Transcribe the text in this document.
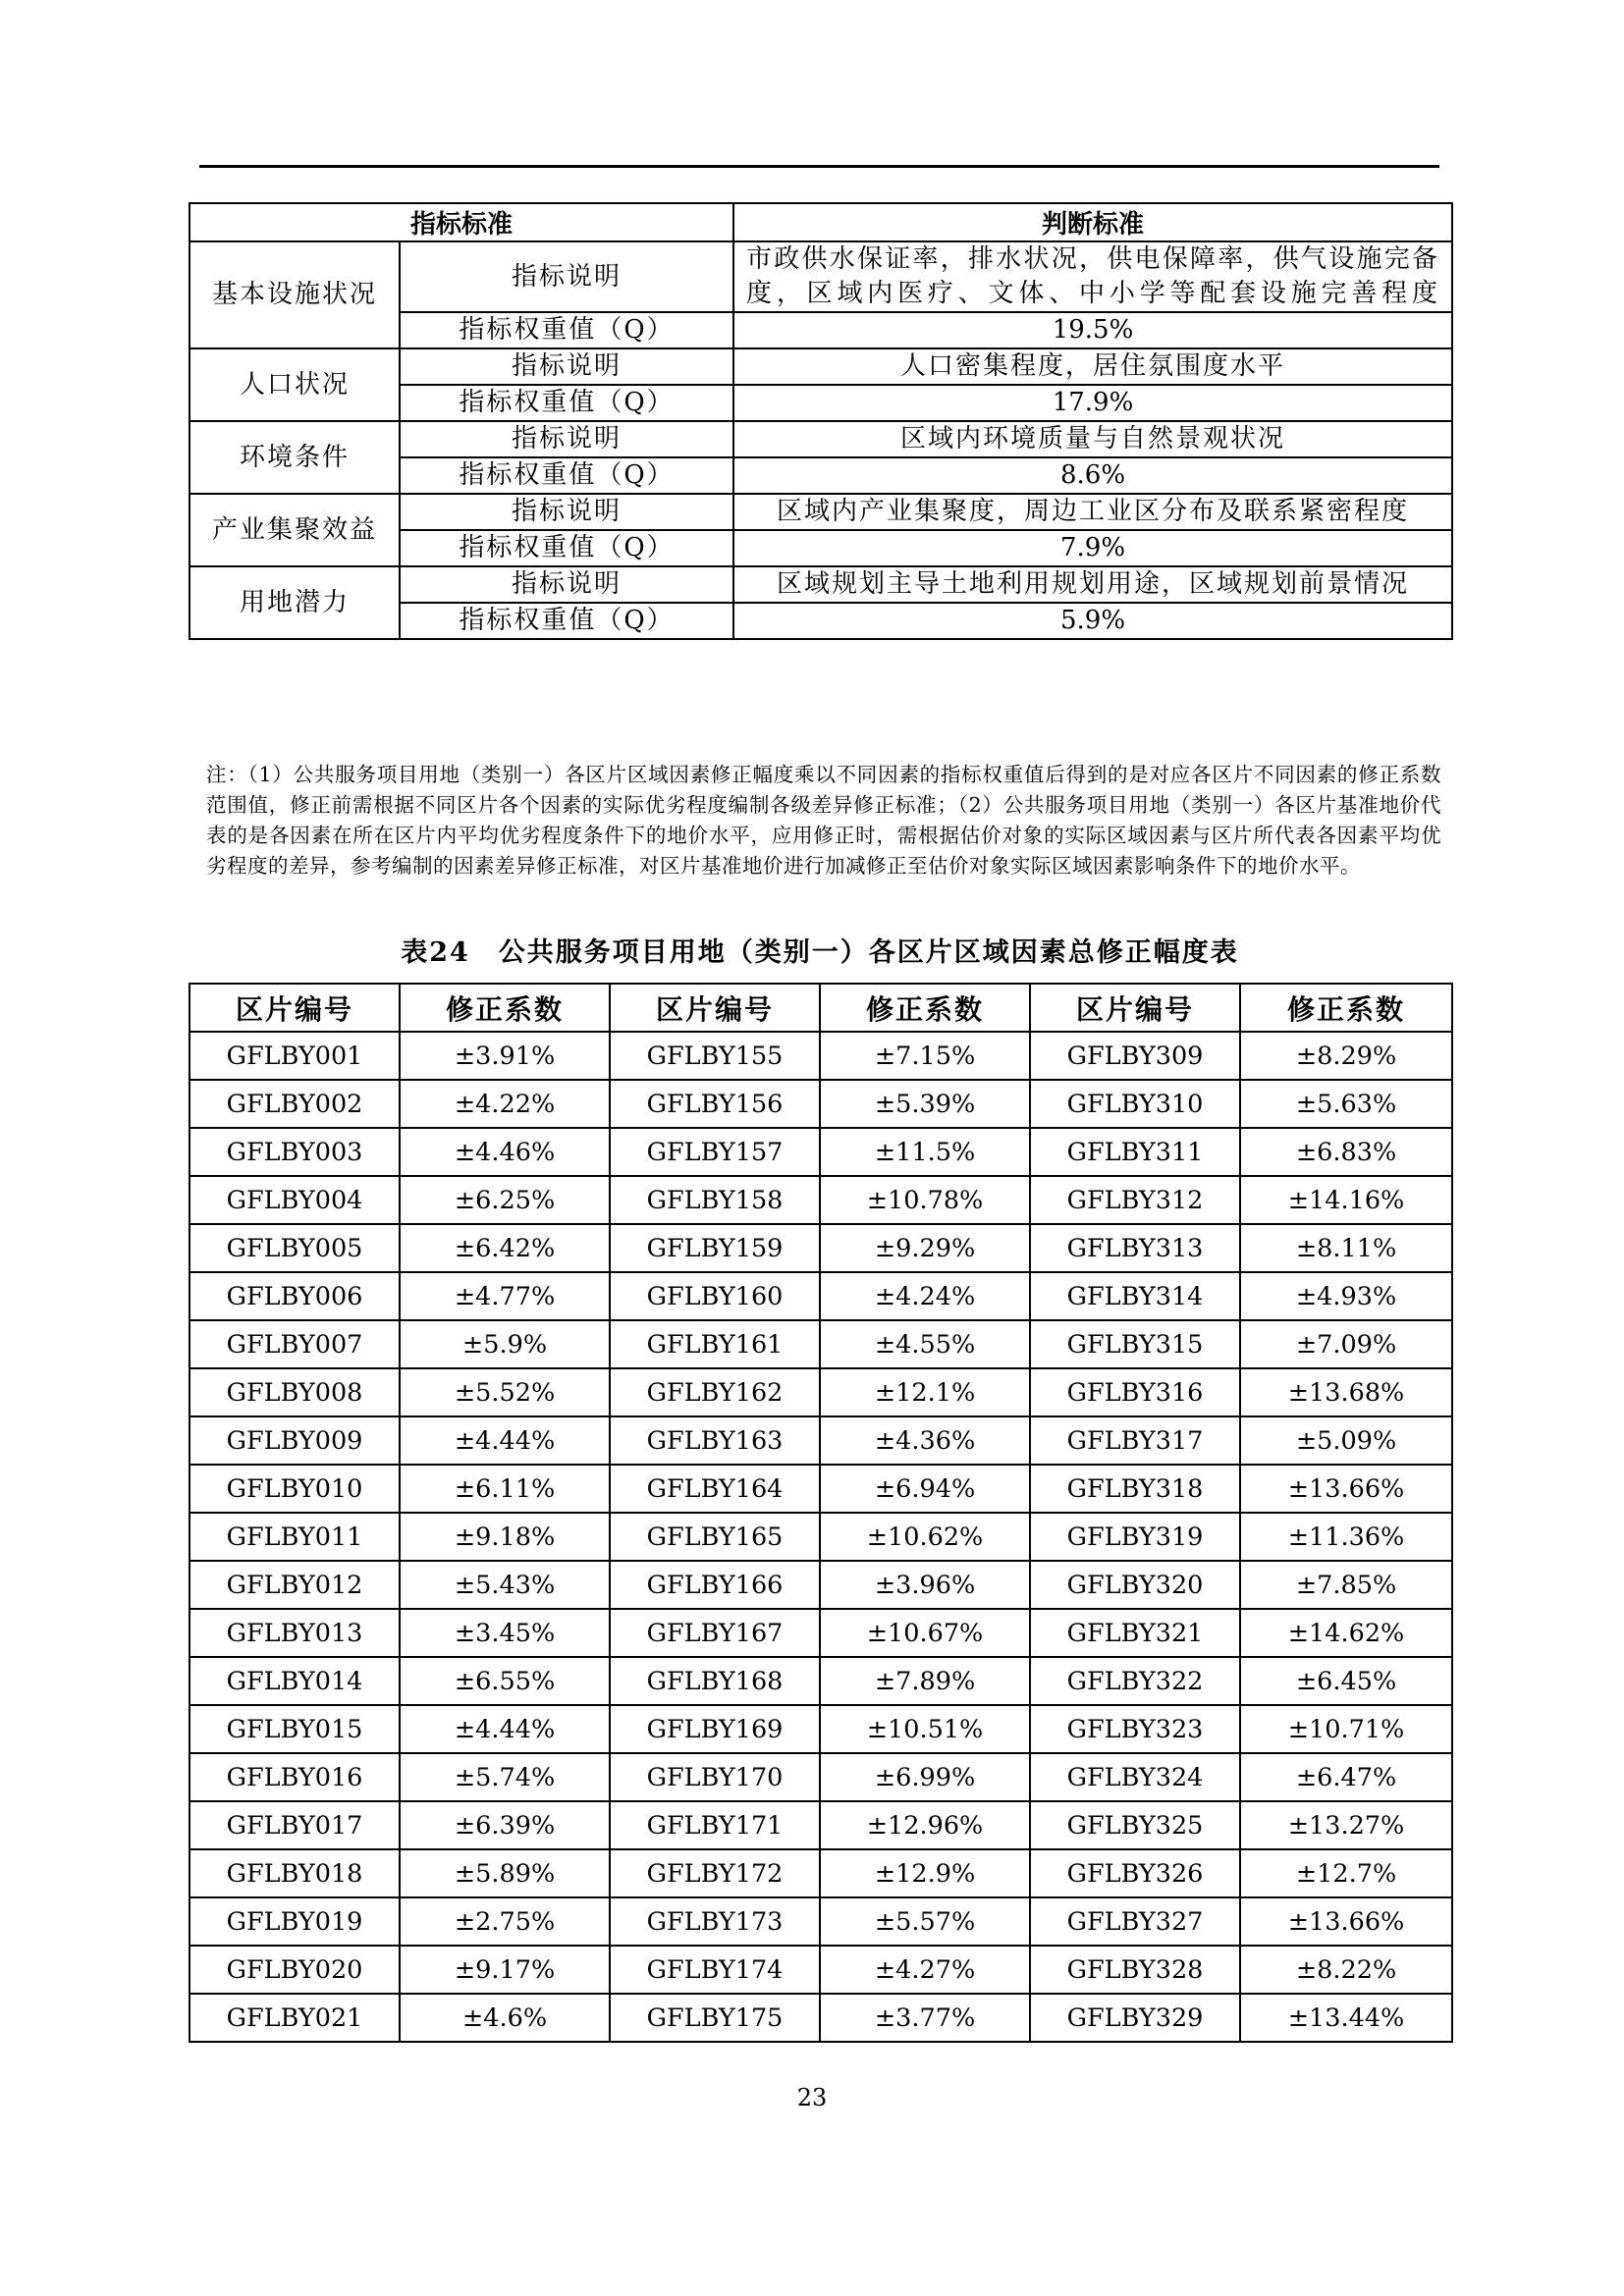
指标标准		判断标准
基本设施状况	指标说明	市政供水保证率，排水状况，供电保障率，供气设施完备度，区域内医疗、文体、中小学等配套设施完善程度
	指标权重值（Q）	19.5%
人口状况	指标说明	人口密集程度，居住氛围度水平
	指标权重值（Q）	17.9%
环境条件	指标说明	区域内环境质量与自然景观状况
	指标权重值（Q）	8.6%
产业集聚效益	指标说明	区域内产业集聚度，周边工业区分布及联系紧密程度
	指标权重值（Q）	7.9%
用地潜力	指标说明	区域规划主导土地利用规划用途，区域规划前景情况
	指标权重值（Q）	5.9%
注：（1）公共服务项目用地（类别一）各区片区域因素修正幅度乘以不同因素的指标权重值后得到的是对应各区片不同因素的修正系数范围值，修正前需根据不同区片各个因素的实际优劣程度编制各级差异修正标准；（2）公共服务项目用地（类别一）各区片基准地价代表的是各因素在所在区片内平均优劣程度条件下的地价水平，应用修正时，需根据估价对象的实际区域因素与区片所代表各因素平均优劣程度的差异，参考编制的因素差异修正标准，对区片基准地价进行加减修正至估价对象实际区域因素影响条件下的地价水平。
表24　公共服务项目用地（类别一）各区片区域因素总修正幅度表
区片编号	修正系数	区片编号	修正系数	区片编号	修正系数
GFLBY001	±3.91%	GFLBY155	±7.15%	GFLBY309	±8.29%
GFLBY002	±4.22%	GFLBY156	±5.39%	GFLBY310	±5.63%
GFLBY003	±4.46%	GFLBY157	±11.5%	GFLBY311	±6.83%
GFLBY004	±6.25%	GFLBY158	±10.78%	GFLBY312	±14.16%
GFLBY005	±6.42%	GFLBY159	±9.29%	GFLBY313	±8.11%
GFLBY006	±4.77%	GFLBY160	±4.24%	GFLBY314	±4.93%
GFLBY007	±5.9%	GFLBY161	±4.55%	GFLBY315	±7.09%
GFLBY008	±5.52%	GFLBY162	±12.1%	GFLBY316	±13.68%
GFLBY009	±4.44%	GFLBY163	±4.36%	GFLBY317	±5.09%
GFLBY010	±6.11%	GFLBY164	±6.94%	GFLBY318	±13.66%
GFLBY011	±9.18%	GFLBY165	±10.62%	GFLBY319	±11.36%
GFLBY012	±5.43%	GFLBY166	±3.96%	GFLBY320	±7.85%
GFLBY013	±3.45%	GFLBY167	±10.67%	GFLBY321	±14.62%
GFLBY014	±6.55%	GFLBY168	±7.89%	GFLBY322	±6.45%
GFLBY015	±4.44%	GFLBY169	±10.51%	GFLBY323	±10.71%
GFLBY016	±5.74%	GFLBY170	±6.99%	GFLBY324	±6.47%
GFLBY017	±6.39%	GFLBY171	±12.96%	GFLBY325	±13.27%
GFLBY018	±5.89%	GFLBY172	±12.9%	GFLBY326	±12.7%
GFLBY019	±2.75%	GFLBY173	±5.57%	GFLBY327	±13.66%
GFLBY020	±9.17%	GFLBY174	±4.27%	GFLBY328	±8.22%
GFLBY021	±4.6%	GFLBY175	±3.77%	GFLBY329	±13.44%
23
